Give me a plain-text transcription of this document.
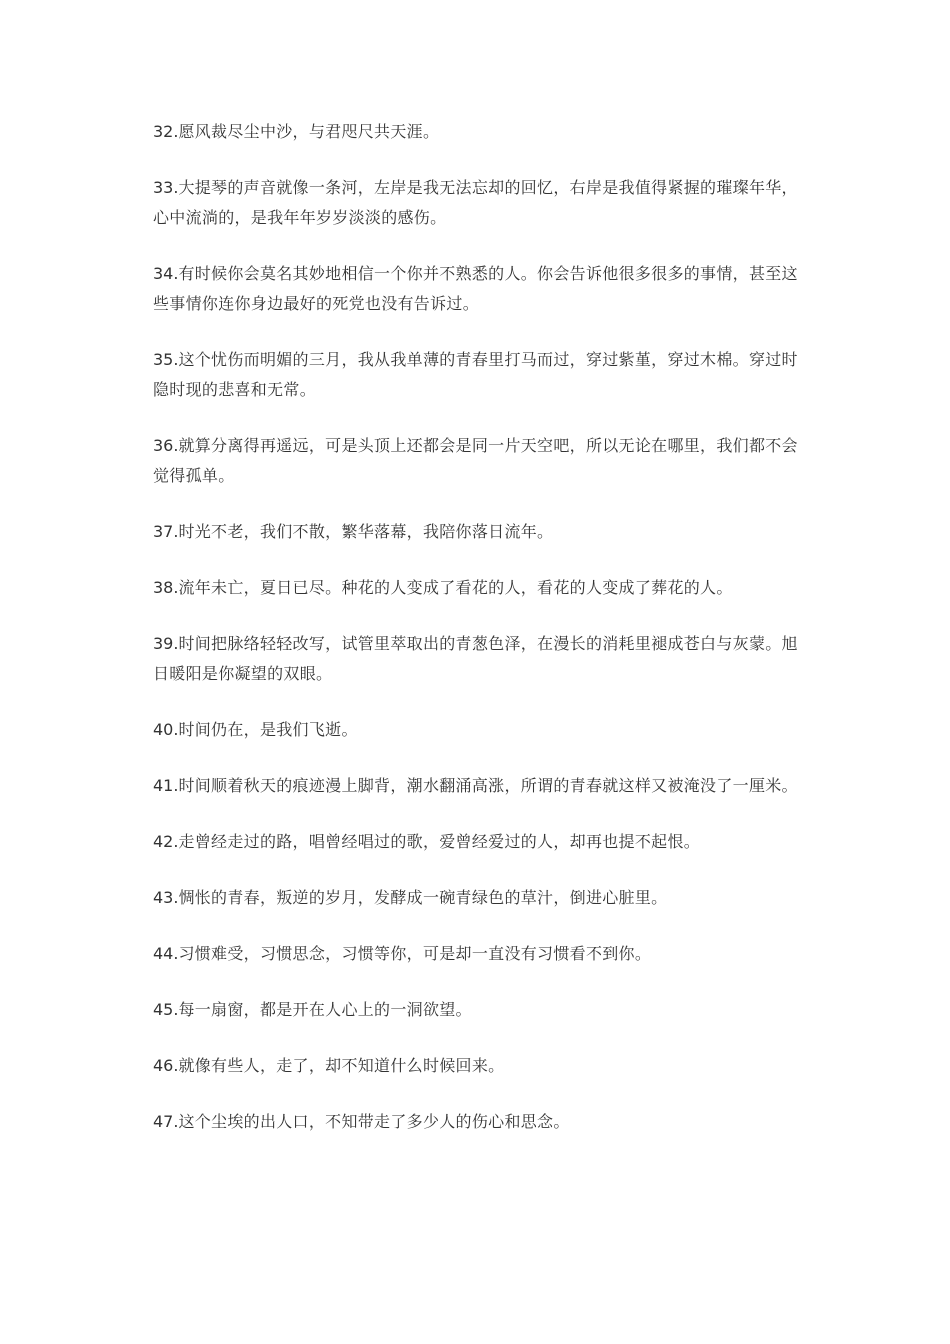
32.愿风裁尽尘中沙，与君咫尺共天涯。
33.大提琴的声音就像一条河，左岸是我无法忘却的回忆，右岸是我值得紧握的璀璨年华，心中流淌的，是我年年岁岁淡淡的感伤。
34.有时候你会莫名其妙地相信一个你并不熟悉的人。你会告诉他很多很多的事情，甚至这些事情你连你身边最好的死党也没有告诉过。
35.这个忧伤而明媚的三月，我从我单薄的青春里打马而过，穿过紫堇，穿过木棉。穿过时隐时现的悲喜和无常。
36.就算分离得再遥远，可是头顶上还都会是同一片天空吧，所以无论在哪里，我们都不会觉得孤单。
37.时光不老，我们不散，繁华落幕，我陪你落日流年。
38.流年未亡，夏日已尽。种花的人变成了看花的人，看花的人变成了葬花的人。
39.时间把脉络轻轻改写，试管里萃取出的青葱色泽，在漫长的消耗里褪成苍白与灰蒙。旭日暖阳是你凝望的双眼。
40.时间仍在，是我们飞逝。
41.时间顺着秋天的痕迹漫上脚背，潮水翻涌高涨，所谓的青春就这样又被淹没了一厘米。
42.走曾经走过的路，唱曾经唱过的歌，爱曾经爱过的人，却再也提不起恨。
43.惆怅的青春，叛逆的岁月，发酵成一碗青绿色的草汁，倒进心脏里。
44.习惯难受，习惯思念，习惯等你，可是却一直没有习惯看不到你。
45.每一扇窗，都是开在人心上的一洞欲望。
46.就像有些人，走了，却不知道什么时候回来。
47.这个尘埃的出人口，不知带走了多少人的伤心和思念。
